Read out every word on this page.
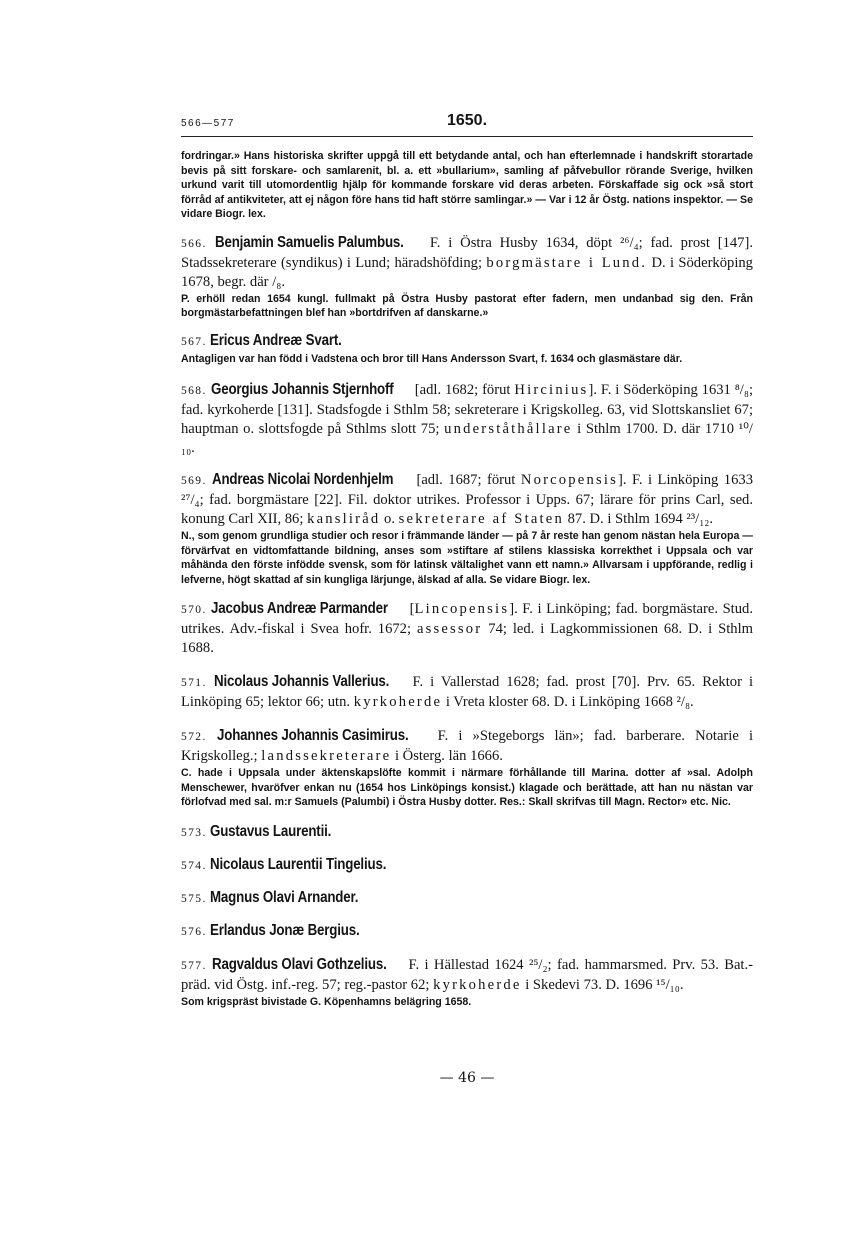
566—577	1650.

fordringar.» Hans historiska skrifter uppgå till ett betydande antal, och han efterlemnade i handskrift storartade bevis på sitt forskare- och samlarenit, bl. a. ett »bullarium», samling af påfvebullor rörande Sverige, hvilken urkund varit till utomordentlig hjälp för kommande forskare vid deras arbeten. Förskaffade sig ock »så stort förråd af antikviteter, att ej någon före hans tid haft större samlingar.» — Var i 12 år Östg. nations inspektor. — Se vidare Biogr. lex.

566. Benjamin Samuelis Palumbus. F. i Östra Husby 1634, döpt ²⁶/₄; fad. prost [147]. Stadssekreterare (syndikus) i Lund; häradshöfding; borgmästare i Lund. D. i Söderköping 1678, begr. där /₈.

P. erhöll redan 1654 kungl. fullmakt på Östra Husby pastorat efter fadern, men undanbad sig den. Från borgmästarbefattningen blef han »bortdrifven af danskarne.»

567. Ericus Andreæ Svart.

Antagligen var han född i Vadstena och bror till Hans Andersson Svart, f. 1634 och glasmästare där.

568. Georgius Johannis Stjernhoff [adl. 1682; förut Hircinius]. F. i Söderköping 1631 ⁸/₈; fad. kyrkoherde [131]. Stadsfogde i Sthlm 58; sekreterare i Krigskolleg. 63, vid Slottskansliet 67; hauptman o. slottsfogde på Sthlms slott 75; underståthållare i Sthlm 1700. D. där 1710 ¹⁰/₁₀.

569. Andreas Nicolai Nordenhjelm [adl. 1687; förut Norcopensis]. F. i Linköping 1633 ²⁷/₄; fad. borgmästare [22]. Fil. doktor utrikes. Professor i Upps. 67; lärare för prins Carl, sed. konung Carl XII, 86; kansliråd o. sekreterare af Staten 87. D. i Sthlm 1694 ²³/₁₂.

N., som genom grundliga studier och resor i främmande länder — på 7 år reste han genom nästan hela Europa — förvärfvat en vidtomfattande bildning, anses som »stiftare af stilens klassiska korrekthet i Uppsala och var måhända den förste infödde svensk, som för latinsk vältalighet vann ett namn.» Allvarsam i uppförande, redlig i lefverne, högt skattad af sin kungliga lärjunge, älskad af alla. Se vidare Biogr. lex.

570. Jacobus Andreæ Parmander [Lincopensis]. F. i Linköping; fad. borgmästare. Stud. utrikes. Adv.-fiskal i Svea hofr. 1672; assessor 74; led. i Lagkommissionen 68. D. i Sthlm 1688.

571. Nicolaus Johannis Vallerius. F. i Vallerstad 1628; fad. prost [70]. Prv. 65. Rektor i Linköping 65; lektor 66; utn. kyrkoherde i Vreta kloster 68. D. i Linköping 1668 ²/₈.

572. Johannes Johannis Casimirus. F. i »Stegeborgs län»; fad. barberare. Notarie i Krigskolleg.; landssekreterare i Österg. län 1666.

C. hade i Uppsala under äktenskapslöfte kommit i närmare förhållande till Marina. dotter af »sal. Adolph Menschewer, hvaröfver enkan nu (1654 hos Linköpings konsist.) klagade och berättade, att han nu nästan var förlofvad med sal. m:r Samuels (Palumbi) i Östra Husby dotter. Res.: Skall skrifvas till Magn. Rector» etc. Nic.

573. Gustavus Laurentii.

574. Nicolaus Laurentii Tingelius.

575. Magnus Olavi Arnander.

576. Erlandus Jonæ Bergius.

577. Ragvaldus Olavi Gothzelius. F. i Hällestad 1624 ²⁵/₂; fad. hammarsmed. Prv. 53. Bat.-präd. vid Östg. inf.-reg. 57; reg.-pastor 62; kyrkoherde i Skedevi 73. D. 1696 ¹⁵/₁₀.

Som krigspräst bivistade G. Köpenhamns belägring 1658.

— 46 —
